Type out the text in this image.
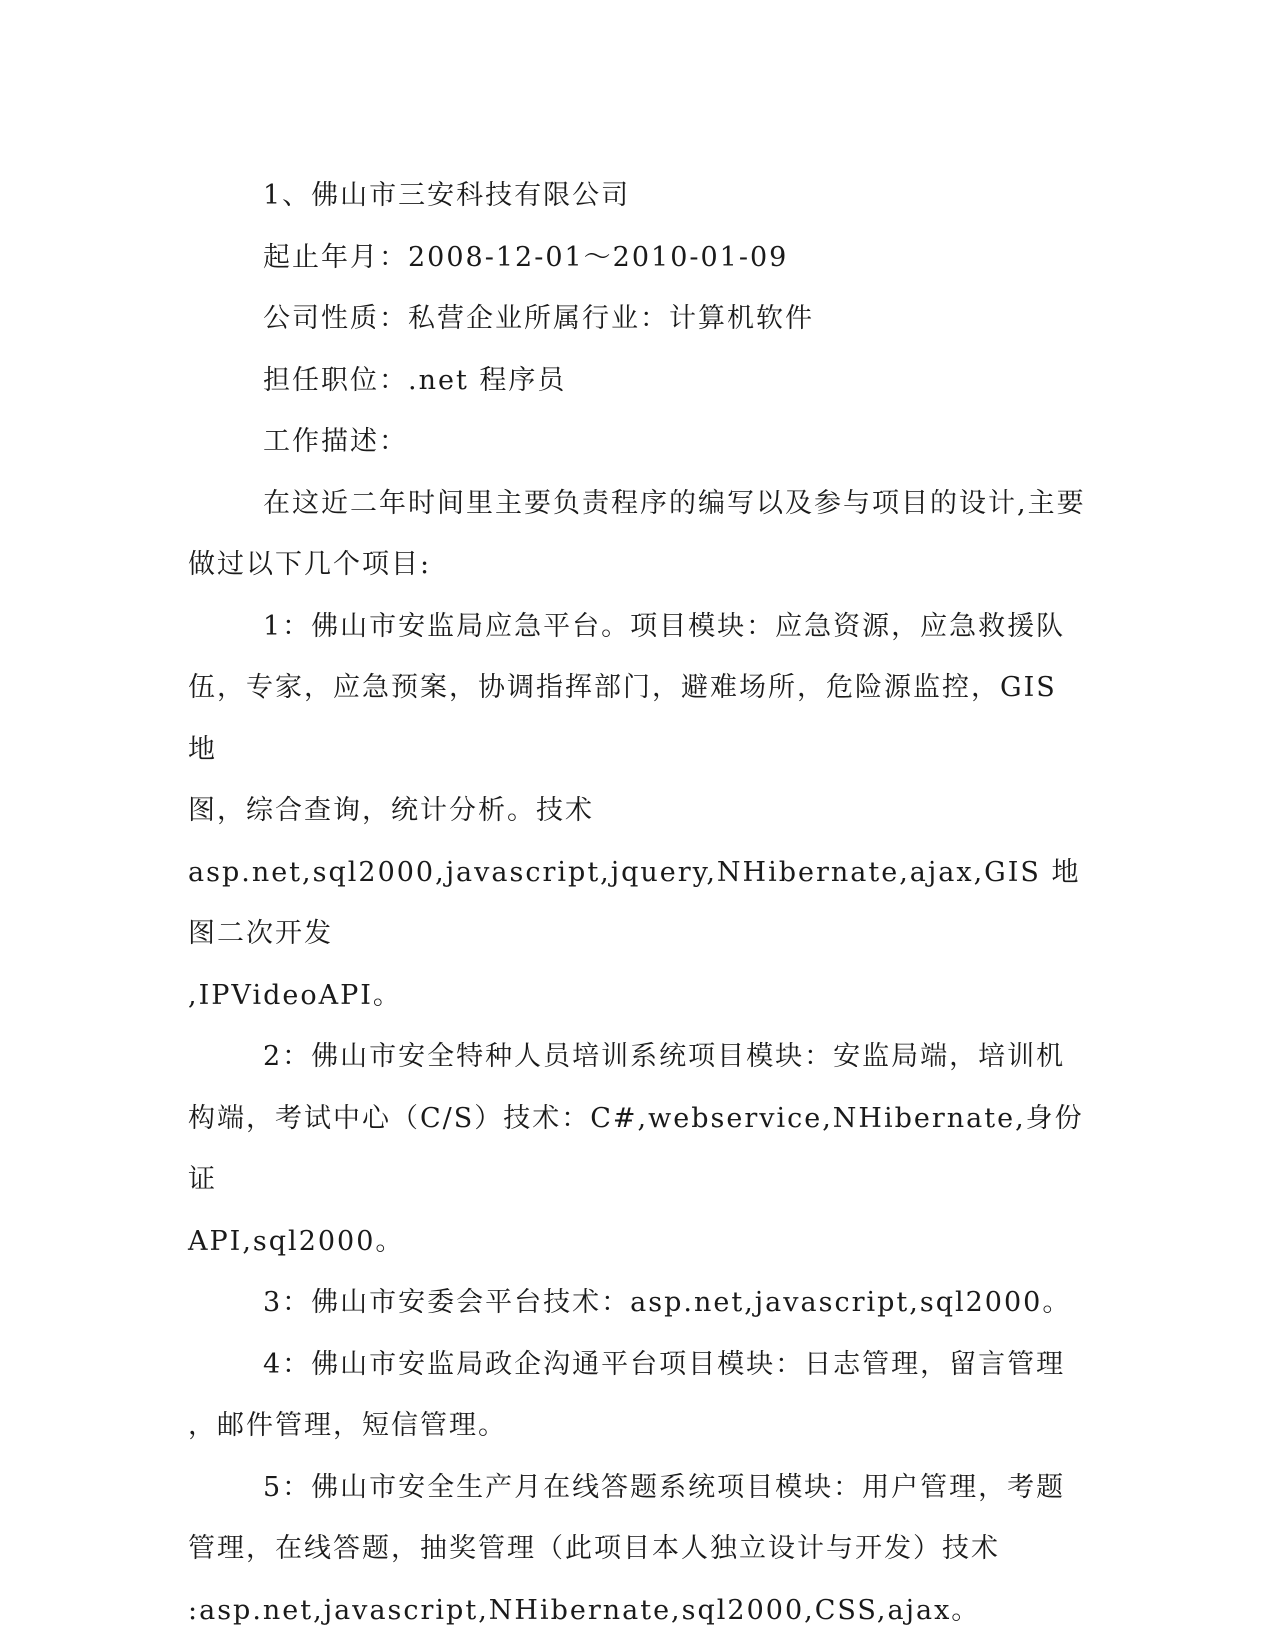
1、佛山市三安科技有限公司

起止年月：2008-12-01～2010-01-09

公司性质：私营企业所属行业：计算机软件

担任职位：.net 程序员

工作描述：

在这近二年时间里主要负责程序的编写以及参与项目的设计,主要

做过以下几个项目:

1：佛山市安监局应急平台。项目模块：应急资源，应急救援队

伍，专家，应急预案，协调指挥部门，避难场所，危险源监控，GIS 地

图，综合查询，统计分析。技术

asp.net,sql2000,javascript,jquery,NHibernate,ajax,GIS 地图二次开发

,IPVideoAPI。

2：佛山市安全特种人员培训系统项目模块：安监局端，培训机

构端，考试中心（C/S）技术：C#,webservice,NHibernate,身份证

API,sql2000。

3：佛山市安委会平台技术：asp.net,javascript,sql2000。

4：佛山市安监局政企沟通平台项目模块：日志管理，留言管理

，邮件管理，短信管理。

5：佛山市安全生产月在线答题系统项目模块：用户管理，考题

管理，在线答题，抽奖管理（此项目本人独立设计与开发）技术

:asp.net,javascript,NHibernate,sql2000,CSS,ajax。
